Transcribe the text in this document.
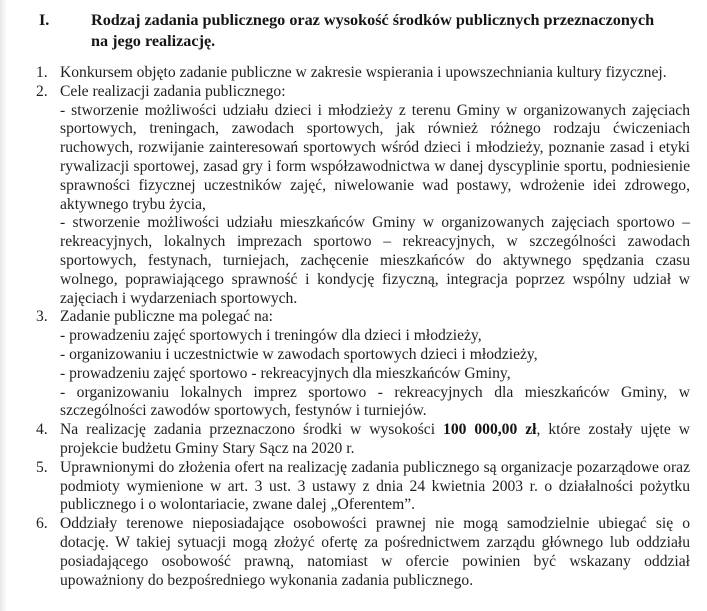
I.	Rodzaj zadania publicznego oraz wysokość środków publicznych przeznaczonych
na jego realizację.
1. Konkursem objęto zadanie publiczne w zakresie wspierania i upowszechniania kultury fizycznej.

2. Cele realizacji zadania publicznego:

- stworzenie możliwości udziału dzieci i młodzieży z terenu Gminy w organizowanych zajęciach sportowych, treningach, zawodach sportowych, jak również różnego rodzaju ćwiczeniach ruchowych, rozwijanie zainteresowań sportowych wśród dzieci i młodzieży, poznanie zasad i etyki rywalizacji sportowej, zasad gry i form współzawodnictwa w danej dyscyplinie sportu, podniesienie sprawności fizycznej uczestników zajęć, niwelowanie wad postawy, wdrożenie idei zdrowego, aktywnego trybu życia,

- stworzenie możliwości udziału mieszkańców Gminy w organizowanych zajęciach sportowo – rekreacyjnych, lokalnych imprezach sportowo – rekreacyjnych, w szczególności zawodach sportowych, festynach, turniejach, zachęcenie mieszkańców do aktywnego spędzania czasu wolnego, poprawiającego sprawność i kondycję fizyczną, integracja poprzez wspólny udział w zajęciach i wydarzeniach sportowych.

3. Zadanie publiczne ma polegać na:

- prowadzeniu zajęć sportowych i treningów dla dzieci i młodzieży,

- organizowaniu i uczestnictwie w zawodach sportowych dzieci i młodzieży,

- prowadzeniu zajęć sportowo - rekreacyjnych dla mieszkańców Gminy,

- organizowaniu lokalnych imprez sportowo - rekreacyjnych dla mieszkańców Gminy, w szczególności zawodów sportowych, festynów i turniejów.

4. Na realizację zadania przeznaczono środki w wysokości 100 000,00 zł, które zostały ujęte w projekcie budżetu Gminy Stary Sącz na 2020 r.

5. Uprawnionymi do złożenia ofert na realizację zadania publicznego są organizacje pozarządowe oraz podmioty wymienione w art. 3 ust. 3 ustawy z dnia 24 kwietnia 2003 r. o działalności pożytku publicznego i o wolontariacie, zwane dalej „Oferentem”.

6. Oddziały terenowe nieposiadające osobowości prawnej nie mogą samodzielnie ubiegać się o dotację. W takiej sytuacji mogą złożyć ofertę za pośrednictwem zarządu głównego lub oddziału posiadającego osobowość prawną, natomiast w ofercie powinien być wskazany oddział upoważniony do bezpośredniego wykonania zadania publicznego.
